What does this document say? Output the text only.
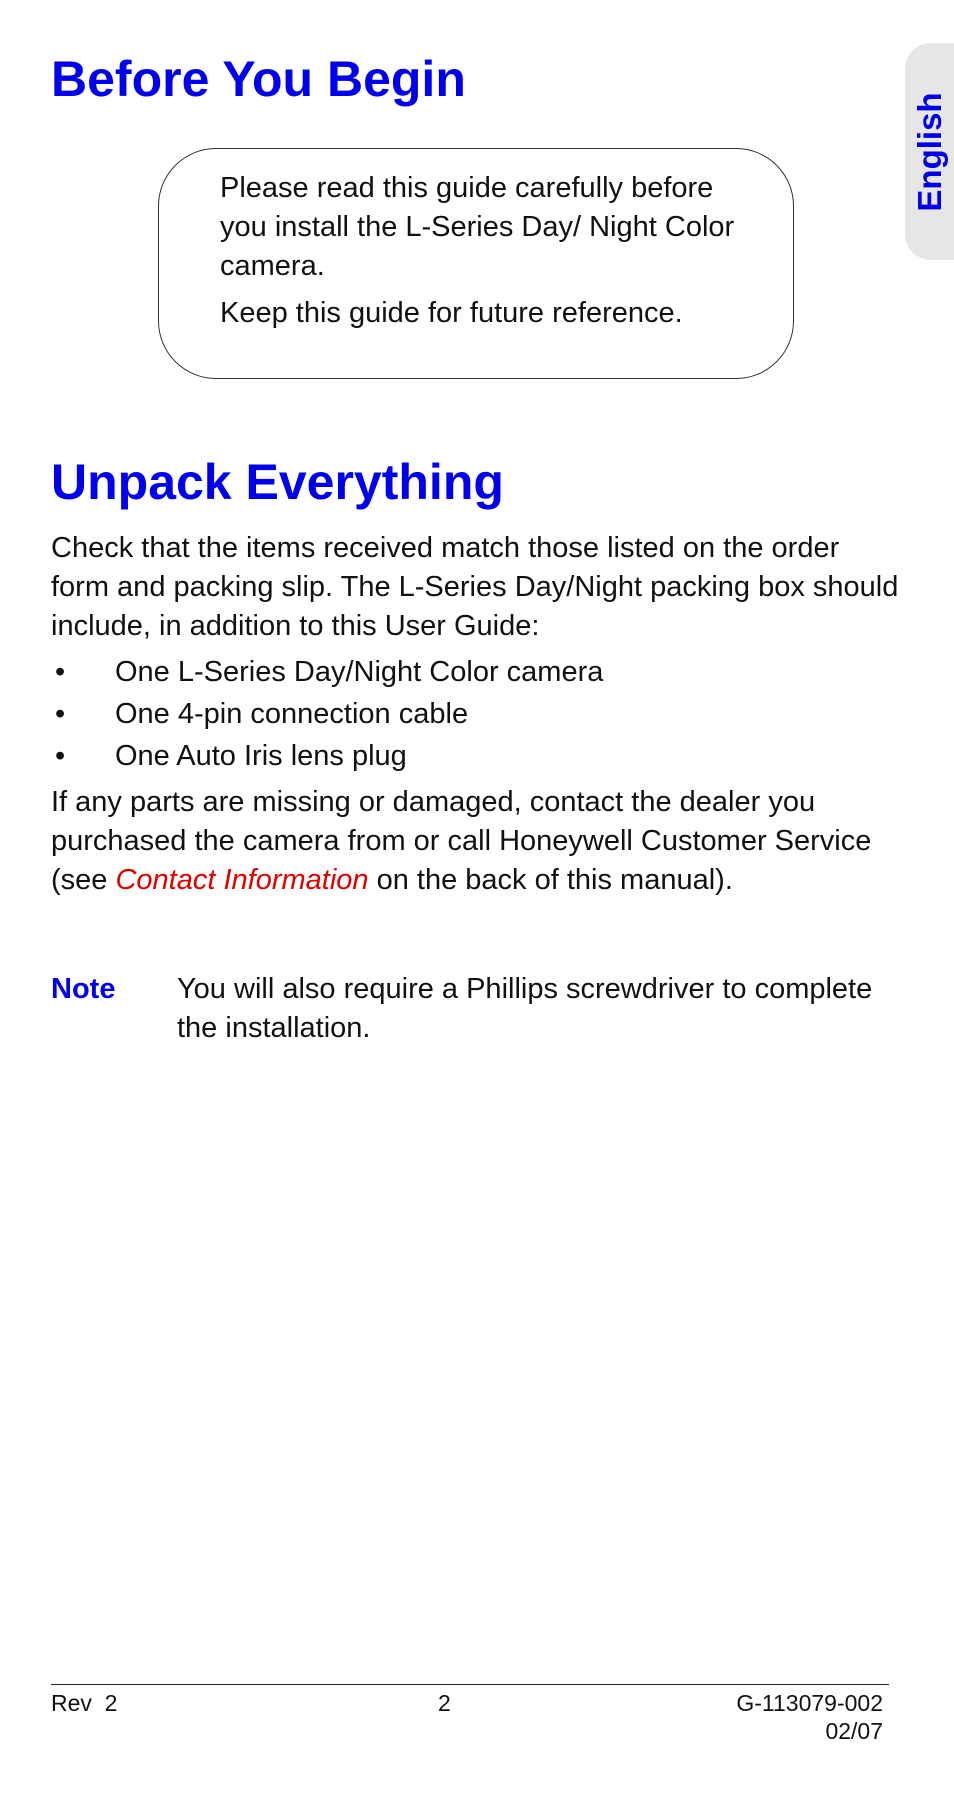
English
Before You Begin

Please read this guide carefully before you install the L-Series Day/ Night Color camera.

Keep this guide for future reference.

Unpack Everything

Check that the items received match those listed on the order form and packing slip. The L-Series Day/Night packing box should include, in addition to this User Guide:

• One L-Series Day/Night Color camera
• One 4-pin connection cable
• One Auto Iris lens plug

If any parts are missing or damaged, contact the dealer you purchased the camera from or call Honeywell Customer Service (see Contact Information on the back of this manual).

Note You will also require a Phillips screwdriver to complete the installation.
Rev  2	2	G-113079-002
02/07
